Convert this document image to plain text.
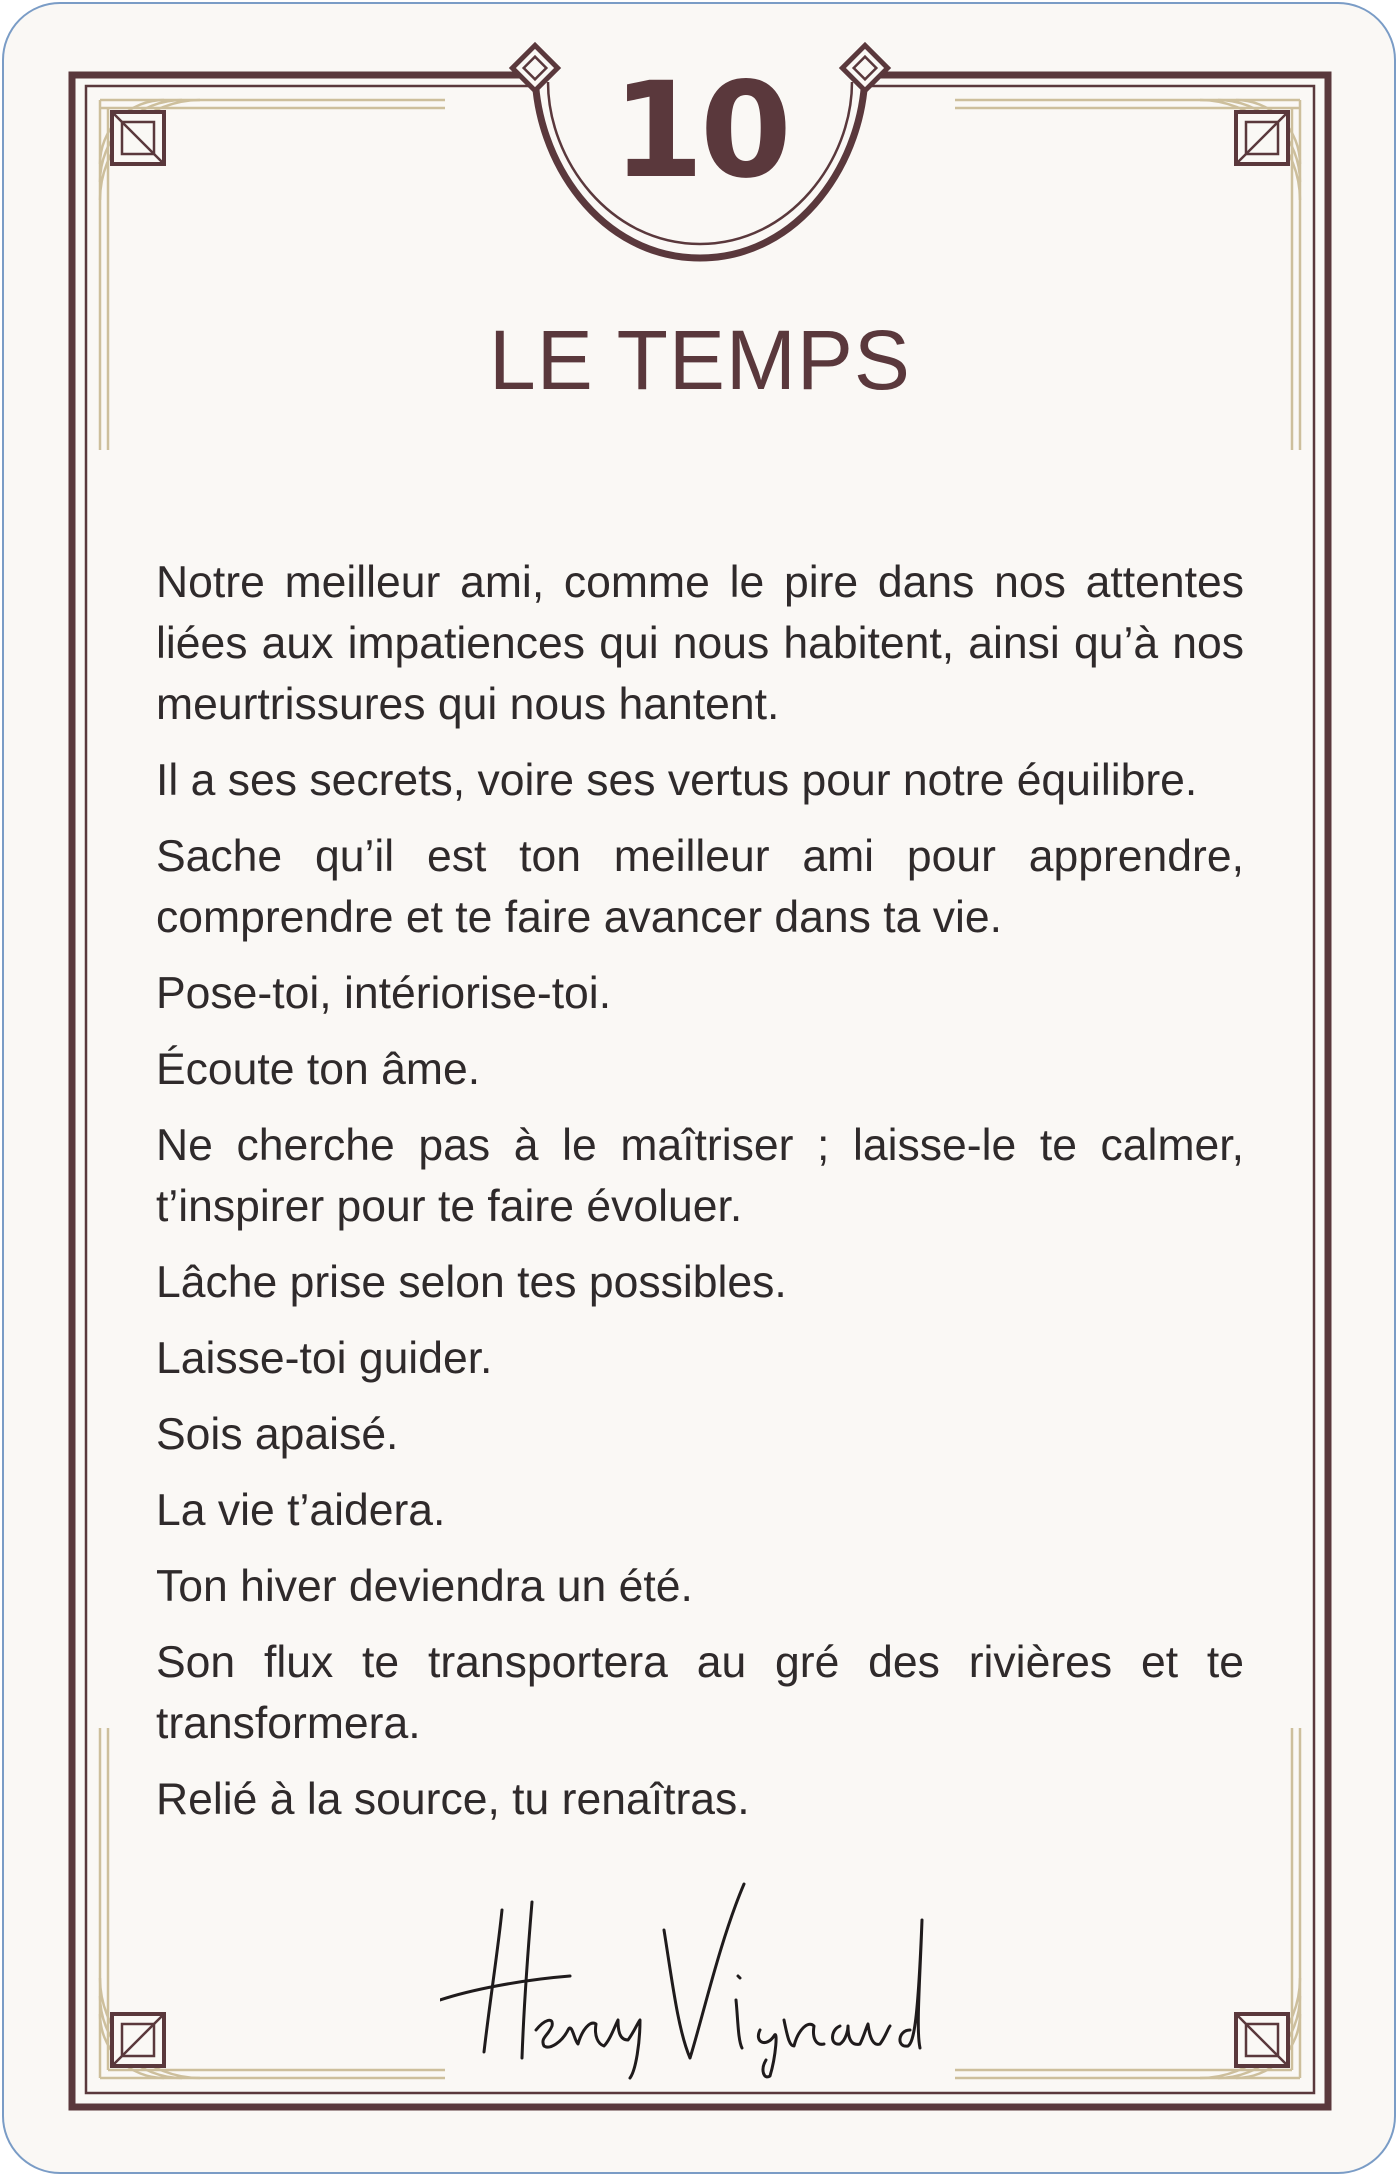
10
LE TEMPS

Notre meilleur ami, comme le pire dans nos attentes liées aux impatiences qui nous habitent, ainsi qu’à nos meurtrissures qui nous hantent.

Il a ses secrets, voire ses vertus pour notre équilibre.

Sache qu’il est ton meilleur ami pour apprendre, comprendre et te faire avancer dans ta vie.

Pose-toi, intériorise-toi.

Écoute ton âme.

Ne cherche pas à le maîtriser ; laisse-le te calmer, t’inspirer pour te faire évoluer.

Lâche prise selon tes possibles.

Laisse-toi guider.

Sois apaisé.

La vie t’aidera.

Ton hiver deviendra un été.

Son flux te transportera au gré des rivières et te transformera.

Relié à la source, tu renaîtras.
